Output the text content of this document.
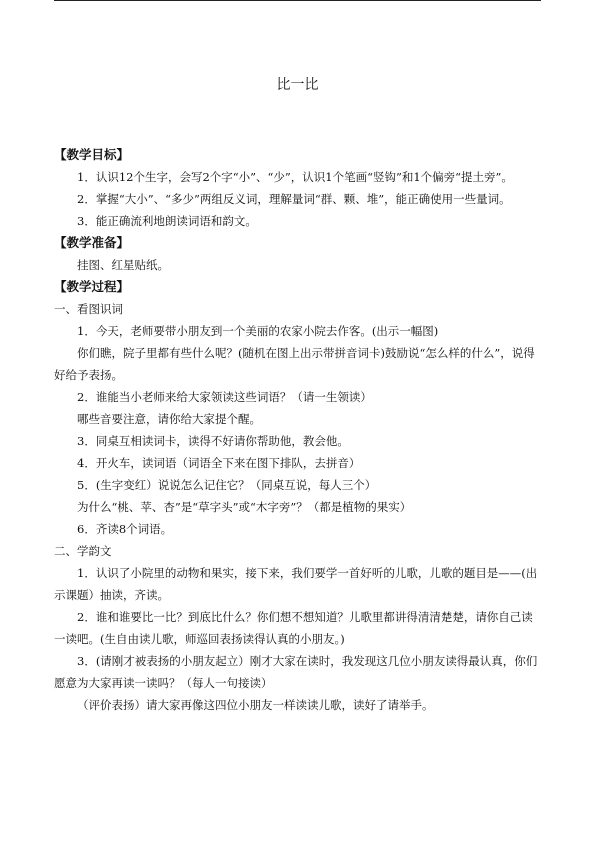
比一比

【教学目标】

1．认识12个生字，会写2个字“小”、“少”，认识1个笔画“竖钩”和1个偏旁“提土旁”。

2．掌握“大小”、“多少”两组反义词，理解量词“群、颗、堆”，能正确使用一些量词。

3．能正确流利地朗读词语和韵文。

【教学准备】

挂图、红星贴纸。

【教学过程】

一、看图识词

1．今天，老师要带小朋友到一个美丽的农家小院去作客。(出示一幅图)

你们瞧，院子里都有些什么呢？(随机在图上出示带拼音词卡)鼓励说“怎么样的什么”，说得好给予表扬。

2．谁能当小老师来给大家领读这些词语？（请一生领读）

哪些音要注意，请你给大家提个醒。

3．同桌互相读词卡，读得不好请你帮助他，教会他。

4．开火车，读词语（词语全下来在图下排队，去拼音）

5．(生字变红）说说怎么记住它？（同桌互说，每人三个）

为什么“桃、苹、杏”是“草字头”或“木字旁”？（都是植物的果实）

6．齐读8个词语。

二、学韵文

1．认识了小院里的动物和果实，接下来，我们要学一首好听的儿歌，儿歌的题目是——(出示课题）抽读，齐读。

2．谁和谁要比一比？到底比什么？你们想不想知道？儿歌里都讲得清清楚楚，请你自己读一读吧。(生自由读儿歌，师巡回表扬读得认真的小朋友。)

3．(请刚才被表扬的小朋友起立）刚才大家在读时，我发现这几位小朋友读得最认真，你们愿意为大家再读一读吗？（每人一句接读）

（评价表扬）请大家再像这四位小朋友一样读读儿歌，读好了请举手。
